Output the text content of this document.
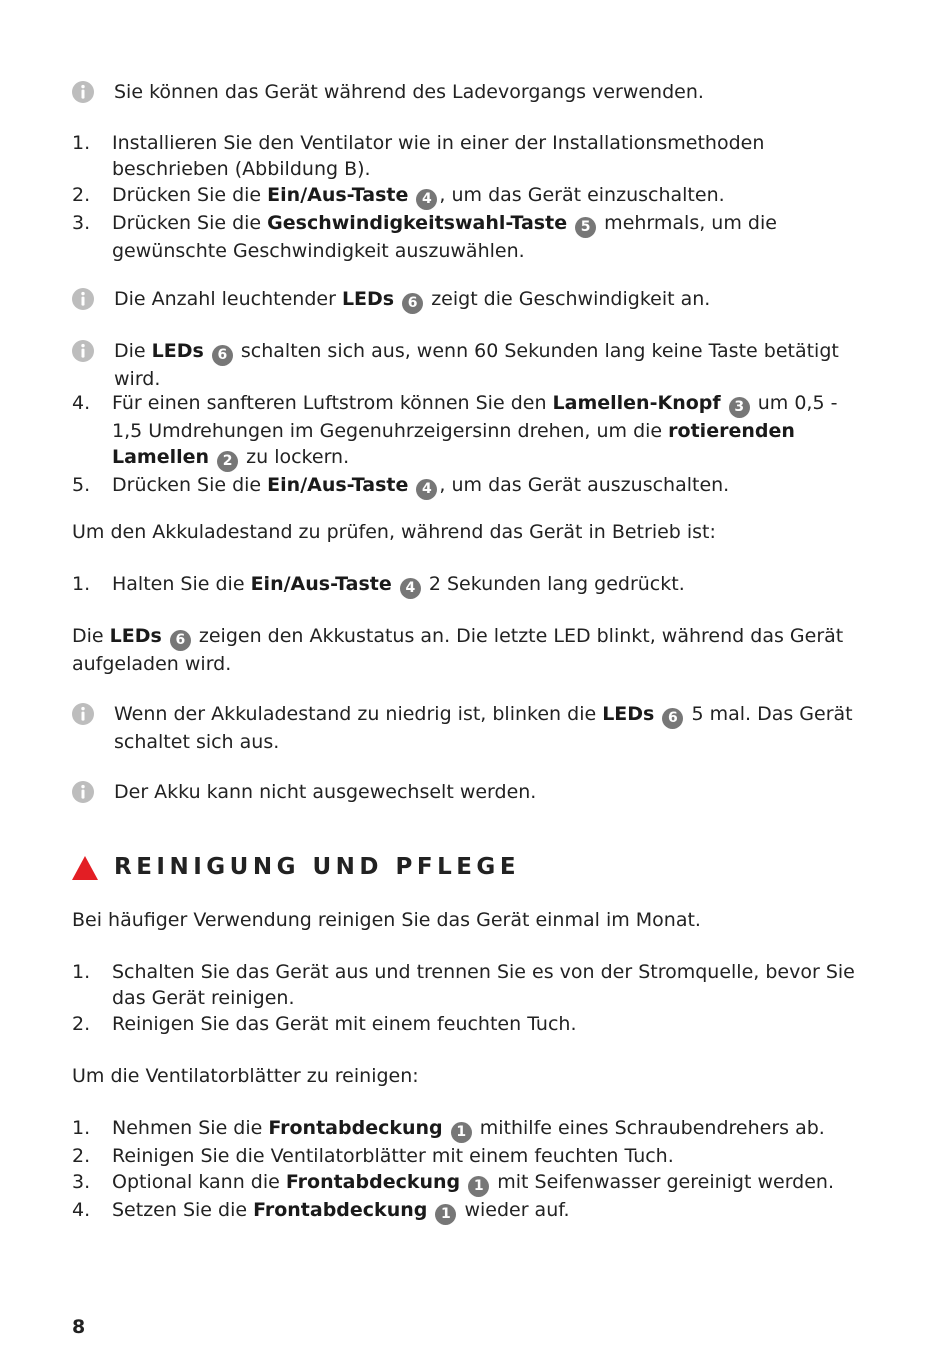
Sie können das Gerät während des Ladevorgangs verwenden.
1. Installieren Sie den Ventilator wie in einer der Installationsmethoden beschrieben (Abbildung B).
2. Drücken Sie die Ein/Aus-Taste 4 , um das Gerät einzuschalten.
3. Drücken Sie die Geschwindigkeitswahl-Taste 5 mehrmals, um die gewünschte Geschwindigkeit auszuwählen.
Die Anzahl leuchtender LEDs 6 zeigt die Geschwindigkeit an.
Die LEDs 6 schalten sich aus, wenn 60 Sekunden lang keine Taste betätigt wird.
4. Für einen sanfteren Luftstrom können Sie den Lamellen-Knopf 3 um 0,5 - 1,5 Umdrehungen im Gegenuhrzeigersinn drehen, um die rotierenden Lamellen 2 zu lockern.
5. Drücken Sie die Ein/Aus-Taste 4 , um das Gerät auszuschalten.
Um den Akkuladestand zu prüfen, während das Gerät in Betrieb ist:
1. Halten Sie die Ein/Aus-Taste 4 2 Sekunden lang gedrückt.
Die LEDs 6 zeigen den Akkustatus an. Die letzte LED blinkt, während das Gerät aufgeladen wird.
Wenn der Akkuladestand zu niedrig ist, blinken die LEDs 6 5 mal. Das Gerät schaltet sich aus.
Der Akku kann nicht ausgewechselt werden.
REINIGUNG UND PFLEGE
Bei häufiger Verwendung reinigen Sie das Gerät einmal im Monat.
1. Schalten Sie das Gerät aus und trennen Sie es von der Stromquelle, bevor Sie das Gerät reinigen.
2. Reinigen Sie das Gerät mit einem feuchten Tuch.
Um die Ventilatorblätter zu reinigen:
1. Nehmen Sie die Frontabdeckung 1 mithilfe eines Schraubendrehers ab.
2. Reinigen Sie die Ventilatorblätter mit einem feuchten Tuch.
3. Optional kann die Frontabdeckung 1 mit Seifenwasser gereinigt werden.
4. Setzen Sie die Frontabdeckung 1 wieder auf.
8
